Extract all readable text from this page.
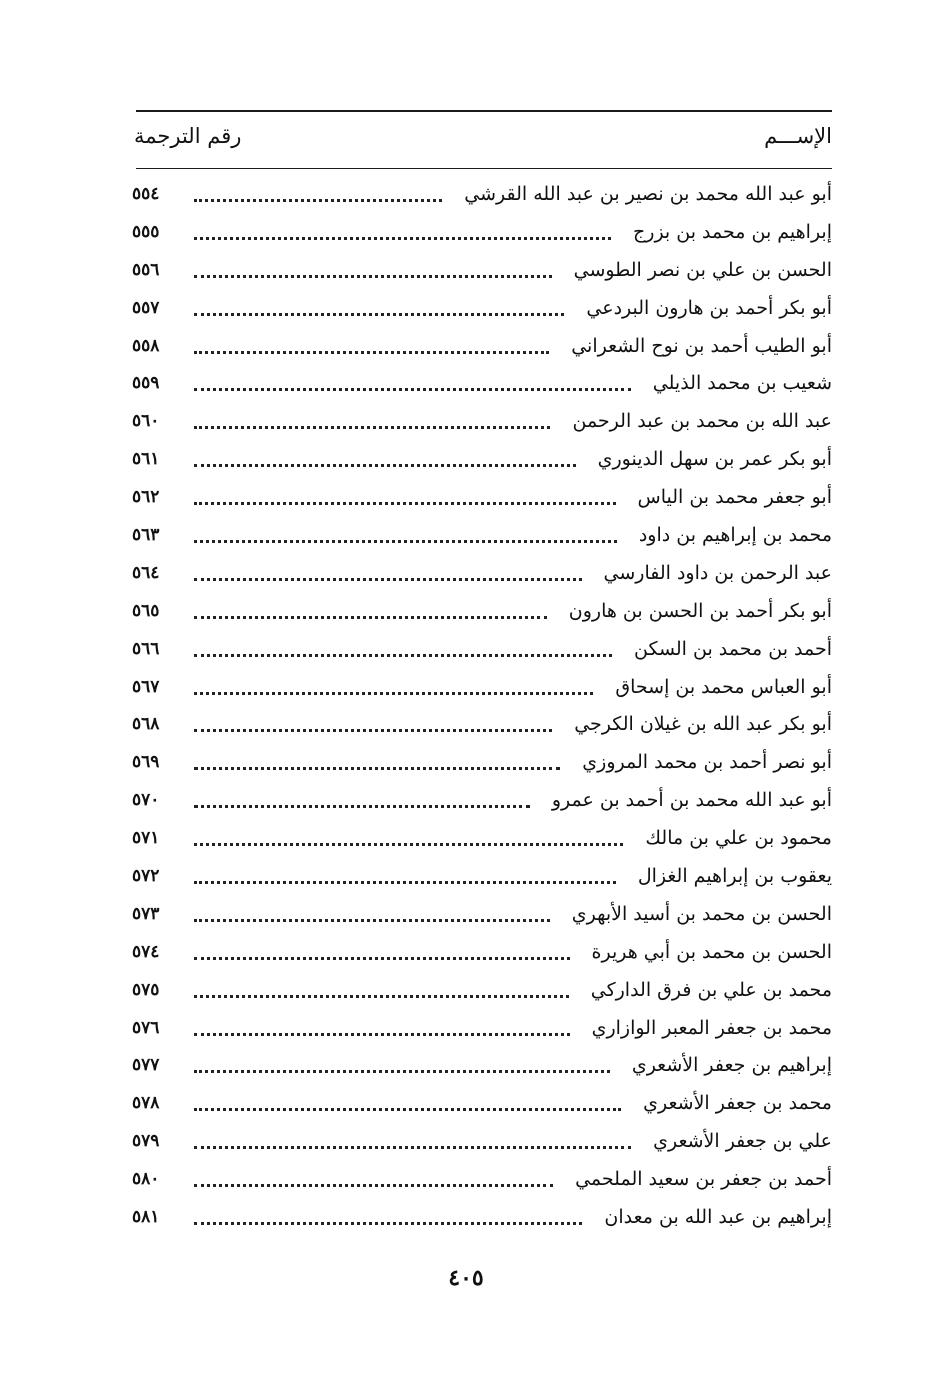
الإســـم
رقم الترجمة
أبو عبد الله محمد بن نصير بن عبد الله القرشي
٥٥٤
إبراهيم بن محمد بن بزرج
٥٥٥
الحسن بن علي بن نصر الطوسي
٥٥٦
أبو بكر أحمد بن هارون البردعي
٥٥٧
أبو الطيب أحمد بن نوح الشعراني
٥٥٨
شعيب بن محمد الذيلي
٥٥٩
عبد الله بن محمد بن عبد الرحمن
٥٦٠
أبو بكر عمر بن سهل الدينوري
٥٦١
أبو جعفر محمد بن الياس
٥٦٢
محمد بن إبراهيم بن داود
٥٦٣
عبد الرحمن بن داود الفارسي
٥٦٤
أبو بكر أحمد بن الحسن بن هارون
٥٦٥
أحمد بن محمد بن السكن
٥٦٦
أبو العباس محمد بن إسحاق
٥٦٧
أبو بكر عبد الله بن غيلان الكرجي
٥٦٨
أبو نصر أحمد بن محمد المروزي
٥٦٩
أبو عبد الله محمد بن أحمد بن عمرو
٥٧٠
محمود بن علي بن مالك
٥٧١
يعقوب بن إبراهيم الغزال
٥٧٢
الحسن بن محمد بن أسيد الأبهري
٥٧٣
الحسن بن محمد بن أبي هريرة
٥٧٤
محمد بن علي بن فرق الداركي
٥٧٥
محمد بن جعفر المعبر الوازاري
٥٧٦
إبراهيم بن جعفر الأشعري
٥٧٧
محمد بن جعفر الأشعري
٥٧٨
علي بن جعفر الأشعري
٥٧٩
أحمد بن جعفر بن سعيد الملحمي
٥٨٠
إبراهيم بن عبد الله بن معدان
٥٨١
٤٠٥
